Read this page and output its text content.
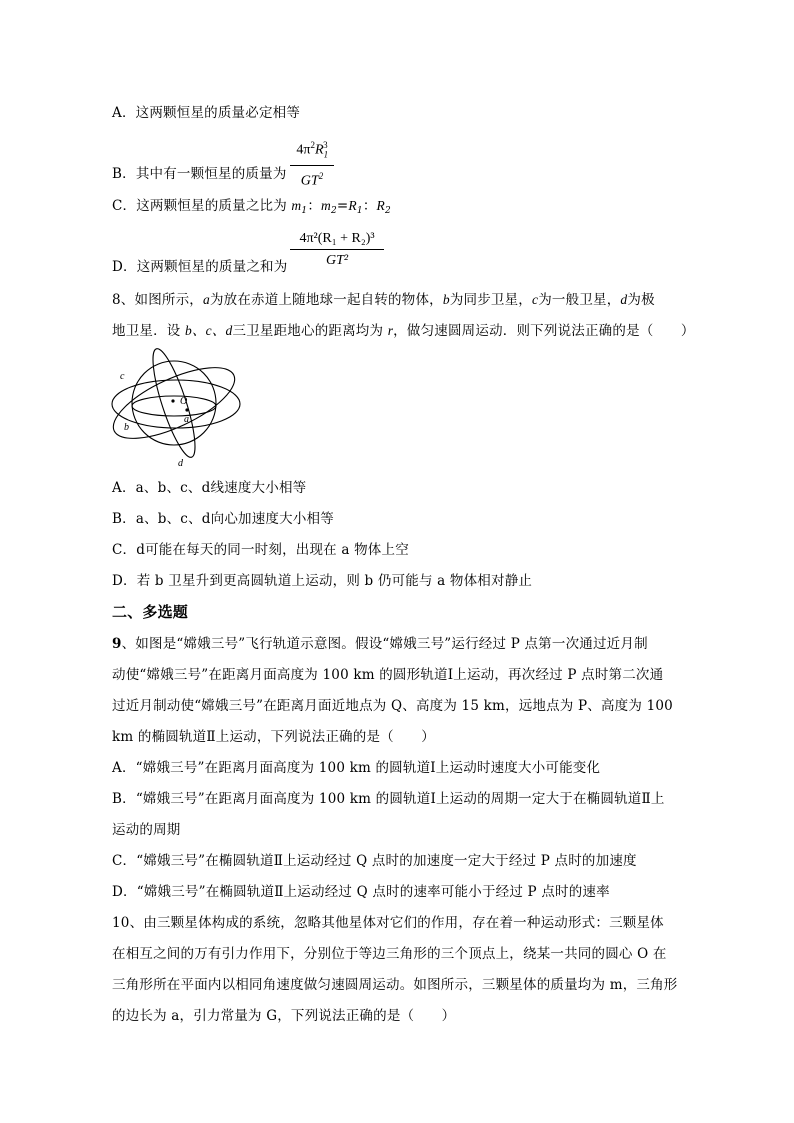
A．这两颗恒星的质量必定相等
$4\pi^2R_1^3$
$GT^2$
B．其中有一颗恒星的质量为
C．这两颗恒星的质量之比为 $m_1$：$m_2=R_1$：$R_2$
4π²(R₁ + R₂)³
GT²
D．这两颗恒星的质量之和为
8、如图所示，a为放在赤道上随地球一起自转的物体，b为同步卫星，c为一般卫星，d为极
地卫星．设 b、c、d三卫星距地心的距离均为 r，做匀速圆周运动．则下列说法正确的是（　　）
c
O
a
b
d
A．a、b、c、d线速度大小相等
B．a、b、c、d向心加速度大小相等
C．d可能在每天的同一时刻，出现在 a 物体上空
D．若 b 卫星升到更高圆轨道上运动，则 b 仍可能与 a 物体相对静止
二、多选题
9、如图是“嫦娥三号”飞行轨道示意图。假设“嫦娥三号”运行经过 P 点第一次通过近月制
动使“嫦娥三号”在距离月面高度为 100 km 的圆形轨道Ⅰ上运动，再次经过 P 点时第二次通
过近月制动使“嫦娥三号”在距离月面近地点为 Q、高度为 15 km，远地点为 P、高度为 100
km 的椭圆轨道Ⅱ上运动，下列说法正确的是（　　）
A．“嫦娥三号”在距离月面高度为 100 km 的圆轨道Ⅰ上运动时速度大小可能变化
B．“嫦娥三号”在距离月面高度为 100 km 的圆轨道Ⅰ上运动的周期一定大于在椭圆轨道Ⅱ上
运动的周期
C．“嫦娥三号”在椭圆轨道Ⅱ上运动经过 Q 点时的加速度一定大于经过 P 点时的加速度
D．“嫦娥三号”在椭圆轨道Ⅱ上运动经过 Q 点时的速率可能小于经过 P 点时的速率
10、由三颗星体构成的系统，忽略其他星体对它们的作用，存在着一种运动形式：三颗星体
在相互之间的万有引力作用下，分别位于等边三角形的三个顶点上，绕某一共同的圆心 O 在
三角形所在平面内以相同角速度做匀速圆周运动。如图所示，三颗星体的质量均为 m，三角形
的边长为 a，引力常量为 G，下列说法正确的是（　　）
